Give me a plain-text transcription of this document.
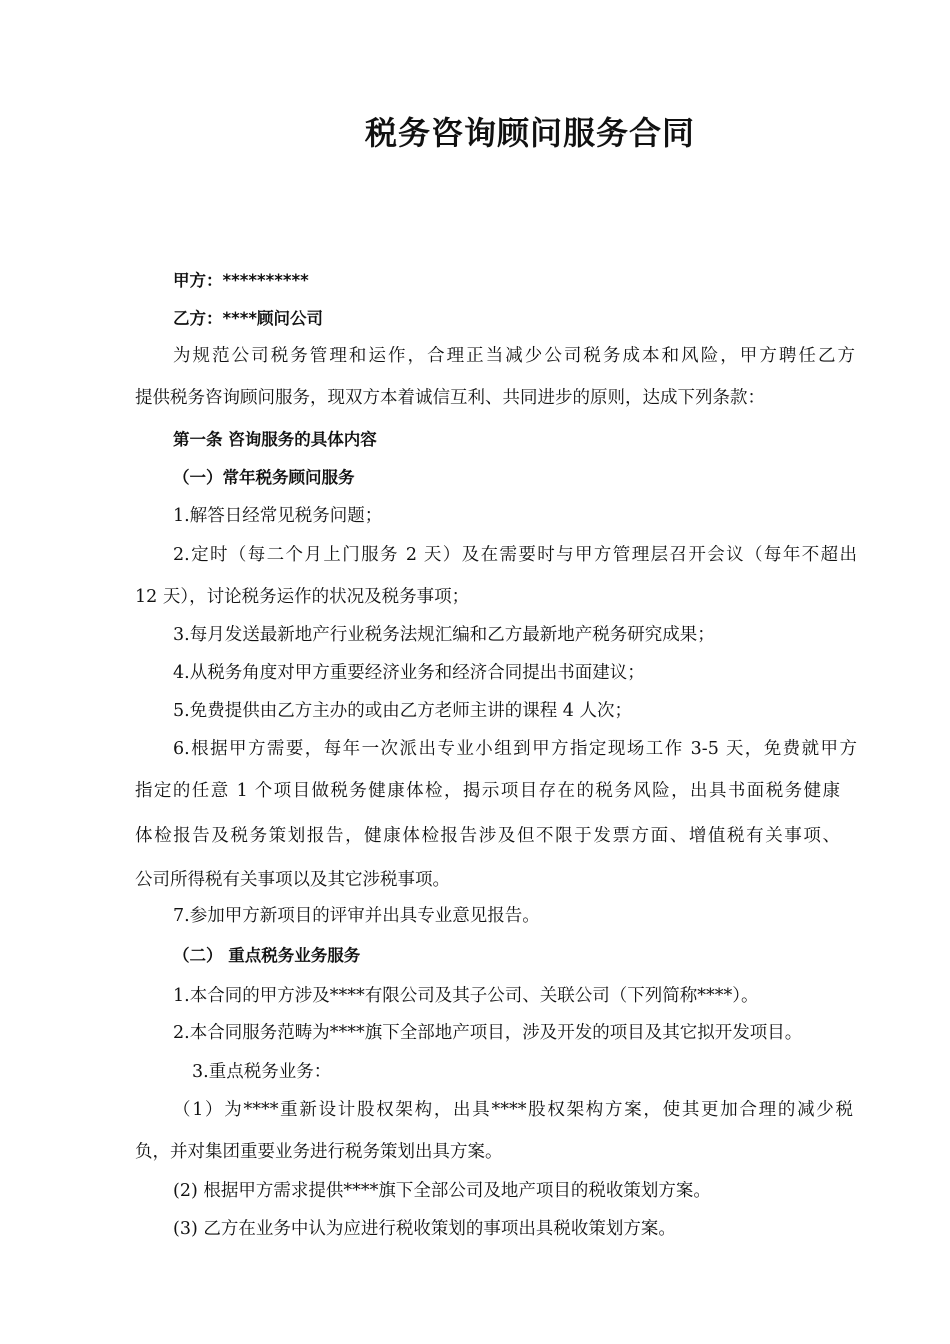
税务咨询顾问服务合同
甲方：**********
乙方：****顾问公司
为规范公司税务管理和运作，合理正当减少公司税务成本和风险，甲方聘任乙方
提供税务咨询顾问服务，现双方本着诚信互利、共同进步的原则，达成下列条款：
第一条 咨询服务的具体内容
（一）常年税务顾问服务
1.解答日经常见税务问题；
2.定时（每二个月上门服务 2 天）及在需要时与甲方管理层召开会议（每年不超出
12 天），讨论税务运作的状况及税务事项；
3.每月发送最新地产行业税务法规汇编和乙方最新地产税务研究成果；
4.从税务角度对甲方重要经济业务和经济合同提出书面建议；
5.免费提供由乙方主办的或由乙方老师主讲的课程 4 人次；
6.根据甲方需要，每年一次派出专业小组到甲方指定现场工作 3-5 天，免费就甲方
指定的任意 1 个项目做税务健康体检，揭示项目存在的税务风险，出具书面税务健康
体检报告及税务策划报告，健康体检报告涉及但不限于发票方面、增值税有关事项、
公司所得税有关事项以及其它涉税事项。
7.参加甲方新项目的评审并出具专业意见报告。
（二） 重点税务业务服务
1.本合同的甲方涉及****有限公司及其子公司、关联公司（下列简称****）。
2.本合同服务范畴为****旗下全部地产项目，涉及开发的项目及其它拟开发项目。
3.重点税务业务：
（1）为****重新设计股权架构，出具****股权架构方案，使其更加合理的减少税
负，并对集团重要业务进行税务策划出具方案。
(2) 根据甲方需求提供****旗下全部公司及地产项目的税收策划方案。
(3) 乙方在业务中认为应进行税收策划的事项出具税收策划方案。
